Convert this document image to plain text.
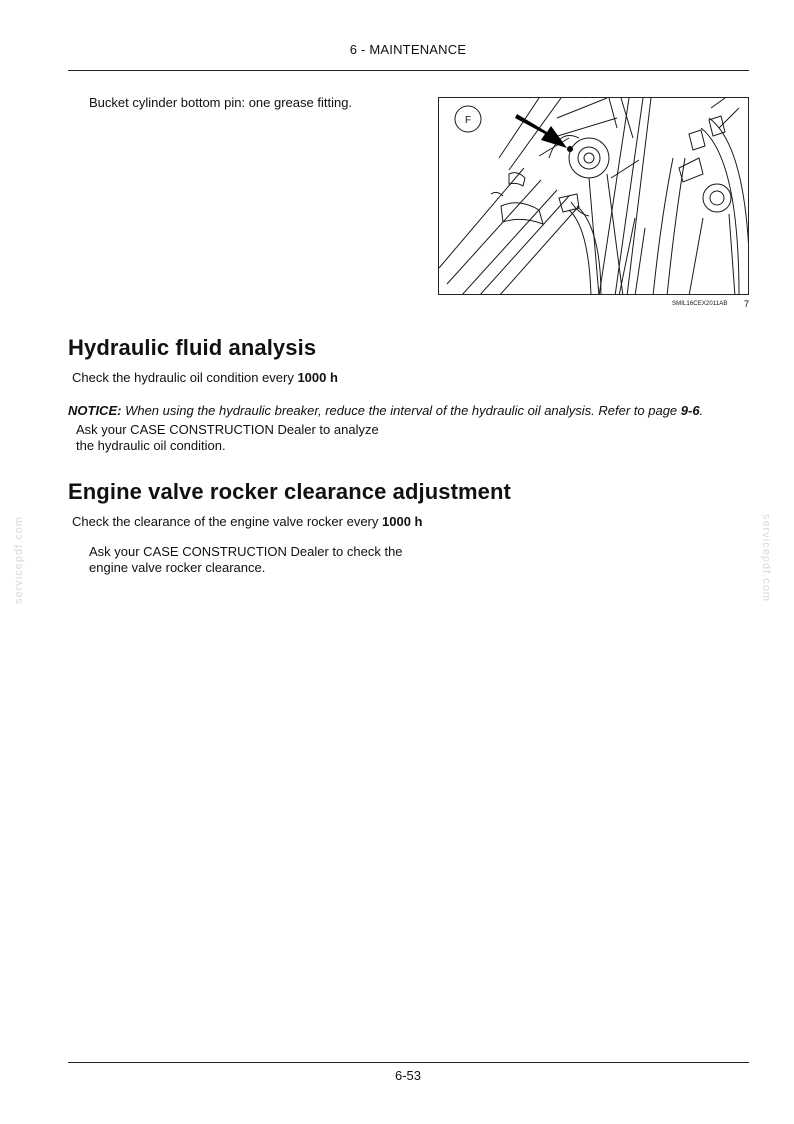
6 - MAINTENANCE
Bucket cylinder bottom pin: one grease fitting.
F
SMIL16CEX2011AB 7
Hydraulic fluid analysis
Check the hydraulic oil condition every 1000 h
NOTICE: When using the hydraulic breaker, reduce the interval of the hydraulic oil analysis. Refer to page 9-6.
Ask your CASE CONSTRUCTION Dealer to analyze
the hydraulic oil condition.
Engine valve rocker clearance adjustment
Check the clearance of the engine valve rocker every 1000 h
Ask your CASE CONSTRUCTION Dealer to check the
engine valve rocker clearance.
servicepdf.com	servicepdf.com
6-53
